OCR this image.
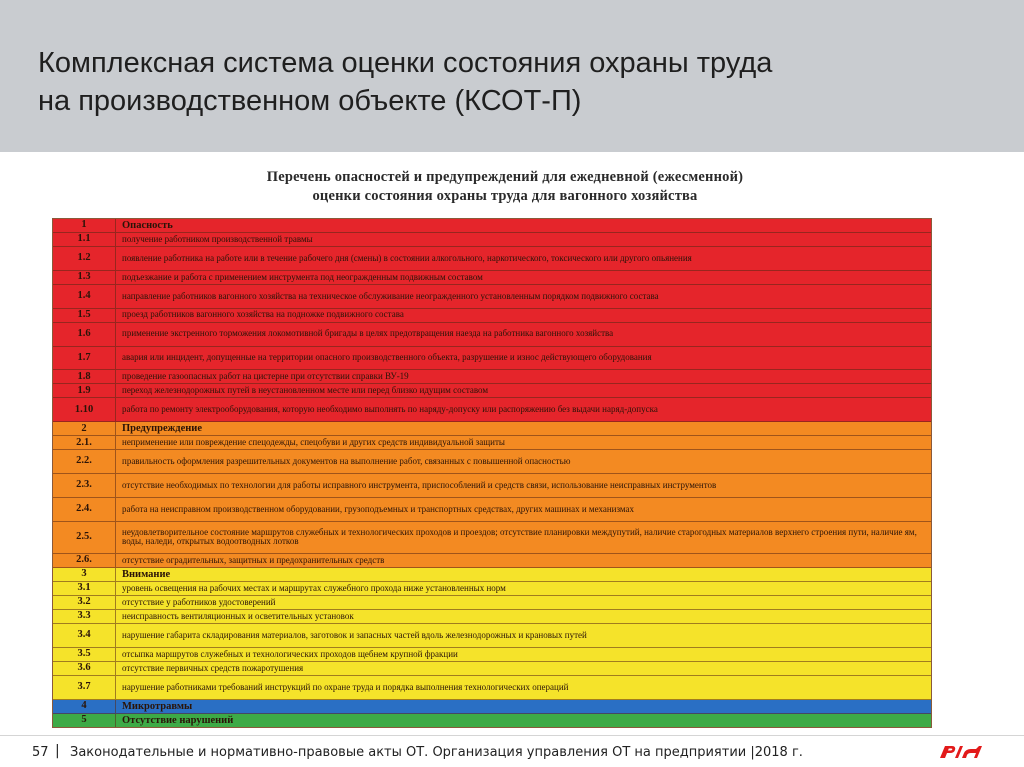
Комплексная система оценки состояния охраны труда
на производственном объекте (КСОТ-П)
Перечень опасностей и предупреждений для ежедневной (ежесменной)
оценки состояния охраны труда для вагонного хозяйства
1	Опасность
1.1	получение работником производственной травмы
1.2	появление работника на работе или в течение рабочего дня (смены) в состоянии алкогольного, наркотического, токсического или другого опьянения
1.3	подъезжание и работа с применением инструмента под неогражденным подвижным составом
1.4	направление работников вагонного хозяйства на техническое обслуживание неогражденного установленным порядком подвижного состава
1.5	проезд работников вагонного хозяйства на подножке подвижного состава
1.6	применение экстренного торможения локомотивной бригады в целях предотвращения наезда на работника вагонного хозяйства
1.7	авария или инцидент, допущенные на территории опасного производственного объекта, разрушение и износ действующего оборудования
1.8	проведение газоопасных работ на цистерне при отсутствии справки ВУ-19
1.9	переход железнодорожных путей в неустановленном месте или перед близко идущим составом
1.10	работа по ремонту электрооборудования, которую необходимо выполнять по наряду-допуску или распоряжению без выдачи наряд-допуска
2	Предупреждение
2.1.	неприменение или повреждение спецодежды, спецобуви и других средств индивидуальной защиты
2.2.	правильность оформления разрешительных документов на выполнение работ, связанных с повышенной опасностью
2.3.	отсутствие необходимых по технологии для работы исправного инструмента, приспособлений и средств связи, использование неисправных инструментов
2.4.	работа на неисправном производственном оборудовании, грузоподъемных и транспортных средствах, других машинах и механизмах
2.5.	неудовлетворительное состояние маршрутов служебных и технологических проходов и проездов; отсутствие планировки междупутий, наличие старогодных материалов верхнего строения пути, наличие ям, воды, наледи, открытых водоотводных лотков
2.6.	отсутствие оградительных, защитных и предохранительных средств
3	Внимание
3.1	уровень освещения на рабочих местах и маршрутах служебного прохода ниже установленных норм
3.2	отсутствие у работников удостоверений
3.3	неисправность вентиляционных и осветительных установок
3.4	нарушение габарита складирования материалов, заготовок и запасных частей вдоль железнодорожных и крановых путей
3.5	отсыпка маршрутов служебных и технологических проходов щебнем крупной фракции
3.6	отсутствие первичных средств пожаротушения
3.7	нарушение работниками требований инструкций по охране труда и порядка выполнения технологических операций
4	Микротравмы
5	Отсутствие нарушений
57 | Законодательные и нормативно-правовые акты ОТ. Организация управления ОТ на предприятии |2018 г.
